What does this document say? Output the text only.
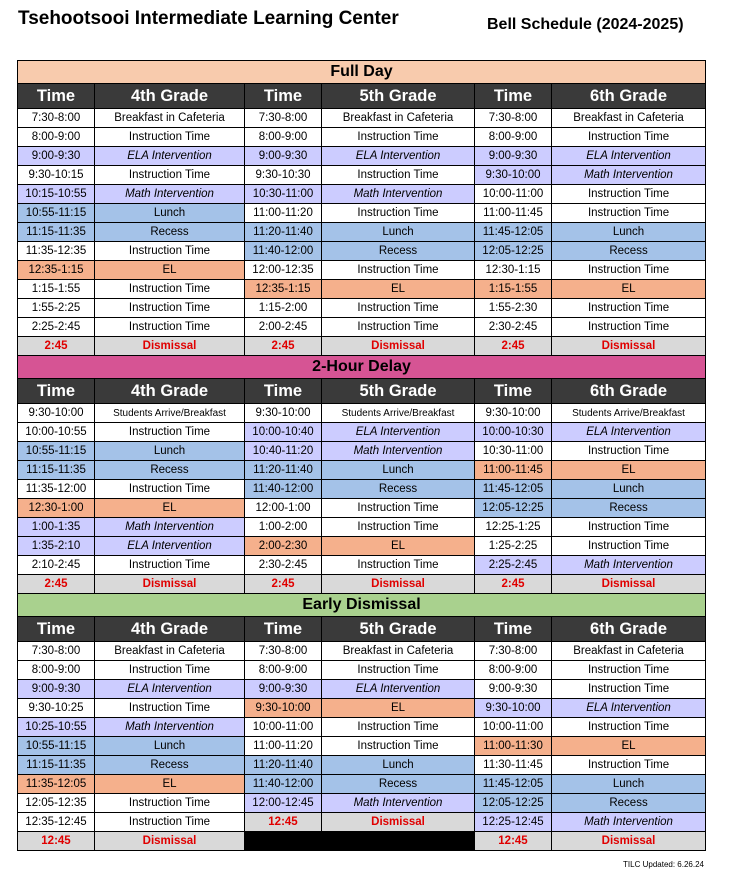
Tsehootsooi Intermediate Learning Center	Bell Schedule (2024-2025)
Full Day					
Time	4th Grade	Time	5th Grade	Time	6th Grade
7:30-8:00	Breakfast in Cafeteria	7:30-8:00	Breakfast in Cafeteria	7:30-8:00	Breakfast in Cafeteria
8:00-9:00	Instruction Time	8:00-9:00	Instruction Time	8:00-9:00	Instruction Time
9:00-9:30	ELA Intervention	9:00-9:30	ELA Intervention	9:00-9:30	ELA Intervention
9:30-10:15	Instruction Time	9:30-10:30	Instruction Time	9:30-10:00	Math Intervention
10:15-10:55	Math Intervention	10:30-11:00	Math Intervention	10:00-11:00	Instruction Time
10:55-11:15	Lunch	11:00-11:20	Instruction Time	11:00-11:45	Instruction Time
11:15-11:35	Recess	11:20-11:40	Lunch	11:45-12:05	Lunch
11:35-12:35	Instruction Time	11:40-12:00	Recess	12:05-12:25	Recess
12:35-1:15	EL	12:00-12:35	Instruction Time	12:30-1:15	Instruction Time
1:15-1:55	Instruction Time	12:35-1:15	EL	1:15-1:55	EL
1:55-2:25	Instruction Time	1:15-2:00	Instruction Time	1:55-2:30	Instruction Time
2:25-2:45	Instruction Time	2:00-2:45	Instruction Time	2:30-2:45	Instruction Time
2:45	Dismissal	2:45	Dismissal	2:45	Dismissal
2-Hour Delay					
Time	4th Grade	Time	5th Grade	Time	6th Grade
9:30-10:00	Students Arrive/Breakfast	9:30-10:00	Students Arrive/Breakfast	9:30-10:00	Students Arrive/Breakfast
10:00-10:55	Instruction Time	10:00-10:40	ELA Intervention	10:00-10:30	ELA Intervention
10:55-11:15	Lunch	10:40-11:20	Math Intervention	10:30-11:00	Instruction Time
11:15-11:35	Recess	11:20-11:40	Lunch	11:00-11:45	EL
11:35-12:00	Instruction Time	11:40-12:00	Recess	11:45-12:05	Lunch
12:30-1:00	EL	12:00-1:00	Instruction Time	12:05-12:25	Recess
1:00-1:35	Math Intervention	1:00-2:00	Instruction Time	12:25-1:25	Instruction Time
1:35-2:10	ELA Intervention	2:00-2:30	EL	1:25-2:25	Instruction Time
2:10-2:45	Instruction Time	2:30-2:45	Instruction Time	2:25-2:45	Math Intervention
2:45	Dismissal	2:45	Dismissal	2:45	Dismissal
Early Dismissal					
Time	4th Grade	Time	5th Grade	Time	6th Grade
7:30-8:00	Breakfast in Cafeteria	7:30-8:00	Breakfast in Cafeteria	7:30-8:00	Breakfast in Cafeteria
8:00-9:00	Instruction Time	8:00-9:00	Instruction Time	8:00-9:00	Instruction Time
9:00-9:30	ELA Intervention	9:00-9:30	ELA Intervention	9:00-9:30	Instruction Time
9:30-10:25	Instruction Time	9:30-10:00	EL	9:30-10:00	ELA Intervention
10:25-10:55	Math Intervention	10:00-11:00	Instruction Time	10:00-11:00	Instruction Time
10:55-11:15	Lunch	11:00-11:20	Instruction Time	11:00-11:30	EL
11:15-11:35	Recess	11:20-11:40	Lunch	11:30-11:45	Instruction Time
11:35-12:05	EL	11:40-12:00	Recess	11:45-12:05	Lunch
12:05-12:35	Instruction Time	12:00-12:45	Math Intervention	12:05-12:25	Recess
12:35-12:45	Instruction Time	12:45	Dismissal	12:25-12:45	Math Intervention
12:45	Dismissal			12:45	Dismissal
TILC Updated: 6.26.24
